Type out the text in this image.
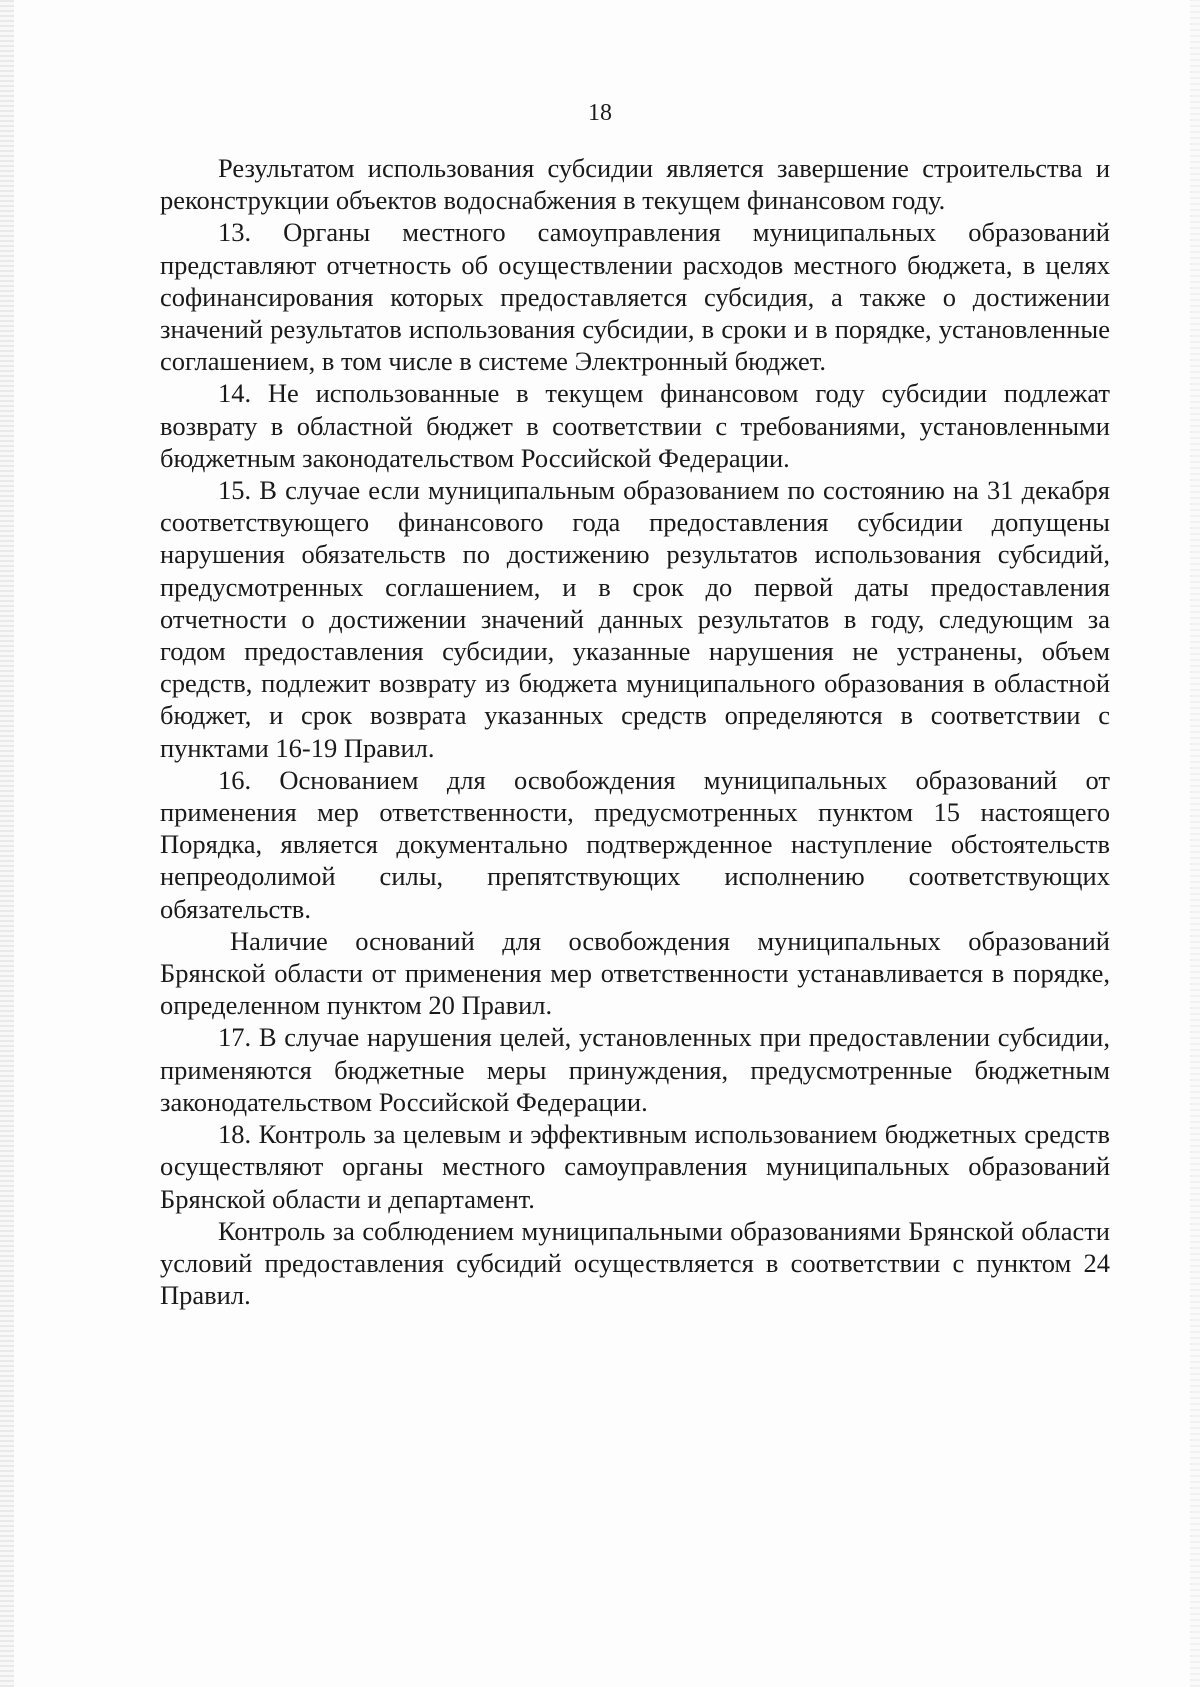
18

Результатом использования субсидии является завершение строительства и реконструкции объектов водоснабжения в текущем финансовом году.

13. Органы местного самоуправления муниципальных образований представляют отчетность об осуществлении расходов местного бюджета, в целях софинансирования которых предоставляется субсидия, а также о достижении значений результатов использования субсидии, в сроки и в порядке, установленные соглашением, в том числе в системе Электронный бюджет.

14. Не использованные в текущем финансовом году субсидии подлежат возврату в областной бюджет в соответствии с требованиями, установленными бюджетным законодательством Российской Федерации.

15. В случае если муниципальным образованием по состоянию на 31 декабря соответствующего финансового года предоставления субсидии допущены нарушения обязательств по достижению результатов использования субсидий, предусмотренных соглашением, и в срок до первой даты предоставления отчетности о достижении значений данных результатов в году, следующим за годом предоставления субсидии, указанные нарушения не устранены, объем средств, подлежит возврату из бюджета муниципального образования в областной бюджет, и срок возврата указанных средств определяются в соответствии с пунктами 16-19 Правил.

16. Основанием для освобождения муниципальных образований от применения мер ответственности, предусмотренных пунктом 15 настоящего Порядка, является документально подтвержденное наступление обстоятельств непреодолимой силы, препятствующих исполнению соответствующих обязательств.

Наличие оснований для освобождения муниципальных образований Брянской области от применения мер ответственности устанавливается в порядке, определенном пунктом 20 Правил.

17. В случае нарушения целей, установленных при предоставлении субсидии, применяются бюджетные меры принуждения, предусмотренные бюджетным законодательством Российской Федерации.

18. Контроль за целевым и эффективным использованием бюджетных средств осуществляют органы местного самоуправления муниципальных образований Брянской области и департамент.

Контроль за соблюдением муниципальными образованиями Брянской области условий предоставления субсидий осуществляется в соответствии с пунктом 24 Правил.
